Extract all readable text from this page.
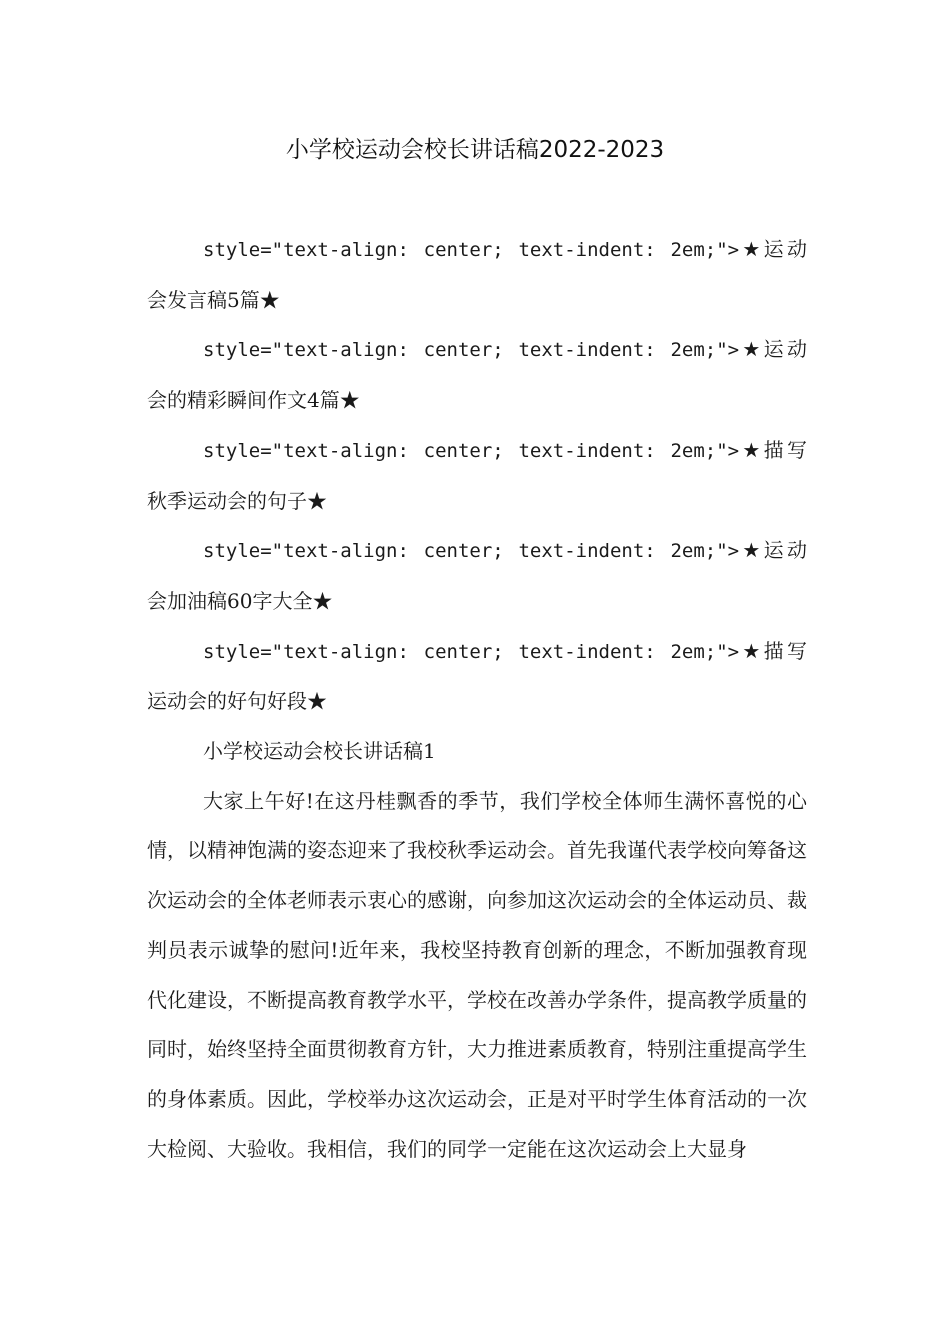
小学校运动会校长讲话稿2022-2023

style="text-align: center; text-indent: 2em;">★运动会发言稿5篇★

style="text-align: center; text-indent: 2em;">★运动会的精彩瞬间作文4篇★

style="text-align: center; text-indent: 2em;">★描写秋季运动会的句子★

style="text-align: center; text-indent: 2em;">★运动会加油稿60字大全★

style="text-align: center; text-indent: 2em;">★描写运动会的好句好段★

小学校运动会校长讲话稿1

大家上午好!在这丹桂飘香的季节，我们学校全体师生满怀喜悦的心情，以精神饱满的姿态迎来了我校秋季运动会。首先我谨代表学校向筹备这次运动会的全体老师表示衷心的感谢，向参加这次运动会的全体运动员、裁判员表示诚挚的慰问!近年来，我校坚持教育创新的理念，不断加强教育现代化建设，不断提高教育教学水平，学校在改善办学条件，提高教学质量的同时，始终坚持全面贯彻教育方针，大力推进素质教育，特别注重提高学生的身体素质。因此，学校举办这次运动会，正是对平时学生体育活动的一次大检阅、大验收。我相信，我们的同学一定能在这次运动会上大显身
